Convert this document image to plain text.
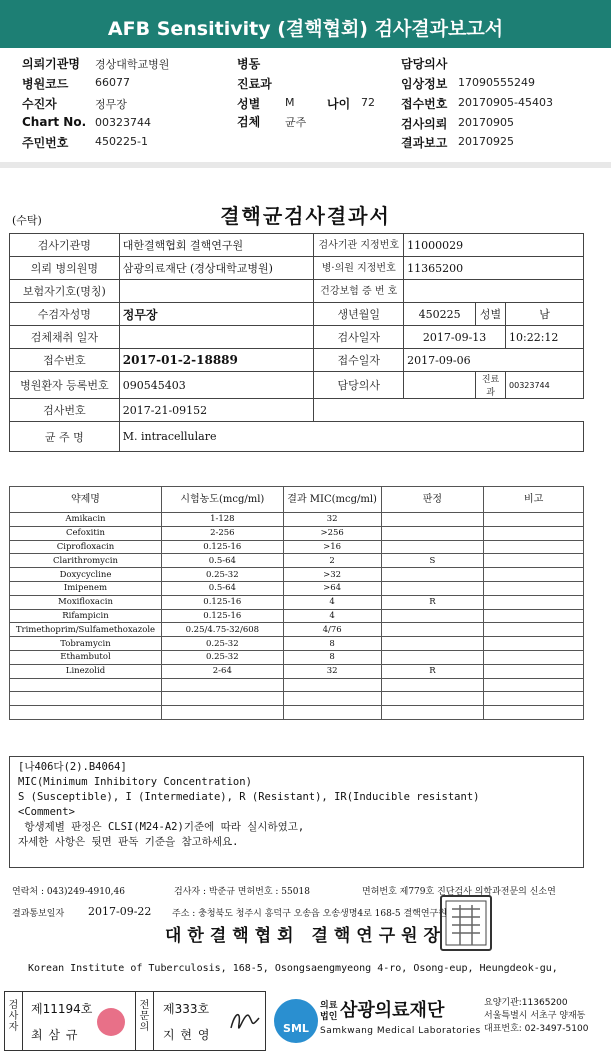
AFB Sensitivity (결핵협회) 검사결과보고서
의뢰기관명 경상대학교병원	병동	담당의사
병원코드 66077	진료과	임상정보 17090555249
수진자	정무장	성별 M	나이 72 접수번호 20170905-45403
Chart No. 00323744	검체 균주	검사의뢰 20170905
주민번호 450225-1	결과보고 20170925
(수탁)	결핵균검사결과서
검사기관명	대한결핵협회 결핵연구원	검사기관 지정번호	11000029		
의뢰 병의원명	삼광의료재단 (경상대학교병원)	병·의원 지정번호	11365200		
보험자기호(명칭)		건강보험 증 번 호			
수검자성명	정무장	생년월일	450225	성별	남
검체채취 일자		검사일자	2017-09-13		10:22:12
접수번호	2017-01-2-18889	접수일자	2017-09-06		
병원환자 등록번호	090545403	담당의사		진료과	00323744
검사번호	2017-21-09152				
균 주 명	M. intracellulare				
약제명	시험농도(mcg/ml)	결과 MIC(mcg/ml)	판정	비고
Amikacin	1-128	32		
Cefoxitin	2-256	>256		
Ciprofloxacin	0.125-16	>16		
Clarithromycin	0.5-64	2	S	
Doxycycline	0.25-32	>32		
Imipenem	0.5-64	>64		
Moxifloxacin	0.125-16	4	R	
Rifampicin	0.125-16	4		
Trimethoprim/Sulfamethoxazole	0.25/4.75-32/608	4/76		
Tobramycin	0.25-32	8		
Ethambutol	0.25-32	8		
Linezolid	2-64	32	R	

[나406다(2).B4064]
MIC(Minimum Inhibitory Concentration)
S (Susceptible), I (Intermediate), R (Resistant), IR(Inducible resistant)
<Comment>
항생제별 판정은 CLSI(M24-A2)기준에 따라 실시하였고,
자세한 사항은 뒷면 판독 기준을 참고하세요.
연락처 : 043)249-4910,46	검사자 : 박준규 면허번호 : 55018	면허번호 제779호 진단검사 의학과전문의 신소연
결과통보일자 2017-09-22 주소 : 충청북도 청주시 흥덕구 오송읍 오송생명4로 168-5 결핵연구원
대한결핵협회 결핵연구원장
Korean Institute of Tuberculosis, 168-5, Osongsaengmyeong 4-ro, Osong-eup, Heungdeok-gu,
검사자
제11194호
최 삼 규
전문의
제333호
지 현 영	SML
의료
법인 삼광의료재단
Samkwang Medical Laboratories
요양기관:11365200
서울특별시 서초구 양재동
대표번호: 02-3497-5100
